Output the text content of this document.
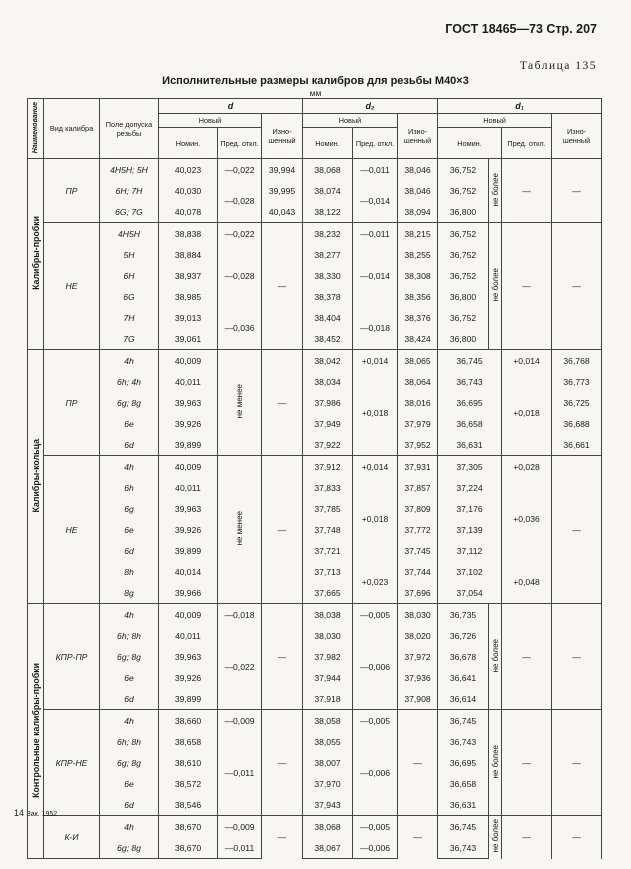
ГОСТ 18465—73 Стр. 207
Таблица 135
Исполнительные размеры калибров для резьбы М40×3
мм
Наименование	Вид калибра	Поле допуска резьбы	d			d₂			d₁			
			Новый		Изно-шенный	Новый		Изно-шенный	Новый			Изно-шенный
			Номин.	Пред. откл.		Номин.	Пред. откл.		Номин.		Пред. откл.	
Калибры-пробки	ПР	4H5H; 5H	40,023	—0,022	39,994	38,068	—0,011	38,046	36,752	не более	—	—
		6H; 7H	40,030	—0,028	39,995	38,074	—0,014	38,046	36,752			
		6G; 7G	40,078		40,043	38,122		38,094	36,800			
	НЕ	4H5H	38,838	—0,022	—	38,232	—0,011	38,215	36,752	не более	—	—
		5H	38,884	—0,028		38,277	—0,014	38,255	36,752			
		6H	38,937			38,330		38,308	36,752			
		6G	38,985			38,378		38,356	36,800			
		7H	39,013	—0,036		38,404	—0,018	38,376	36,752			
		7G	39,061			38,452		38,424	36,800			
Калибры-кольца	ПР	4h	40,009	не менее	—	38,042	+0,014	38,065	36,745		+0,014	36,768
		6h; 4h	40,011			38,034	+0,018	38,064	36,743		+0,018	36,773
		6g; 8g	39,963			37,986		38,016	36,695			36,725
		6e	39,926			37,949		37,979	36,658			36,688
		6d	39,899			37,922		37,952	36,631			36,661
	НЕ	4h	40,009	не менее	—	37,912	+0,014	37,931	37,305		+0,028	—
		6h	40,011			37,833	+0,018	37,857	37,224		+0,036	
		6g	39,963			37,785		37,809	37,176			
		6e	39,926			37,748		37,772	37,139			
		6d	39,899			37,721		37,745	37,112			
		8h	40,014			37,713	+0,023	37,744	37,102		+0,048	
		8g	39,966			37,665		37,696	37,054			
Контрольные калибры-пробки	КПР-ПР	4h	40,009	—0,018	—	38,038	—0,005	38,030	36,735	не более	—	—
		6h; 8h	40,011	—0,022		38,030	—0,006	38,020	36,726			
		6g; 8g	39,963			37,982		37,972	36,678			
		6e	39,926			37,944		37,936	36,641			
		6d	39,899			37,918		37,908	36,614			
	КПР-НЕ	4h	38,660	—0,009	—	38,058	—0,005	—	36,745	не более	—	—
		6h; 8h	38,658	—0,011		38,055	—0,006		36,743			
		6g; 8g	38,610			38,007			36,695			
		6e	38,572			37,970			36,658			
		6d	38,546			37,943			36,631			
	К-И	4h	38,670	—0,009	—	38,068	—0,005	—	36,745	не более	—	—
		6g; 8g	38,670	—0,011		38,067	—0,006		36,743			
14 Зак. 1952
